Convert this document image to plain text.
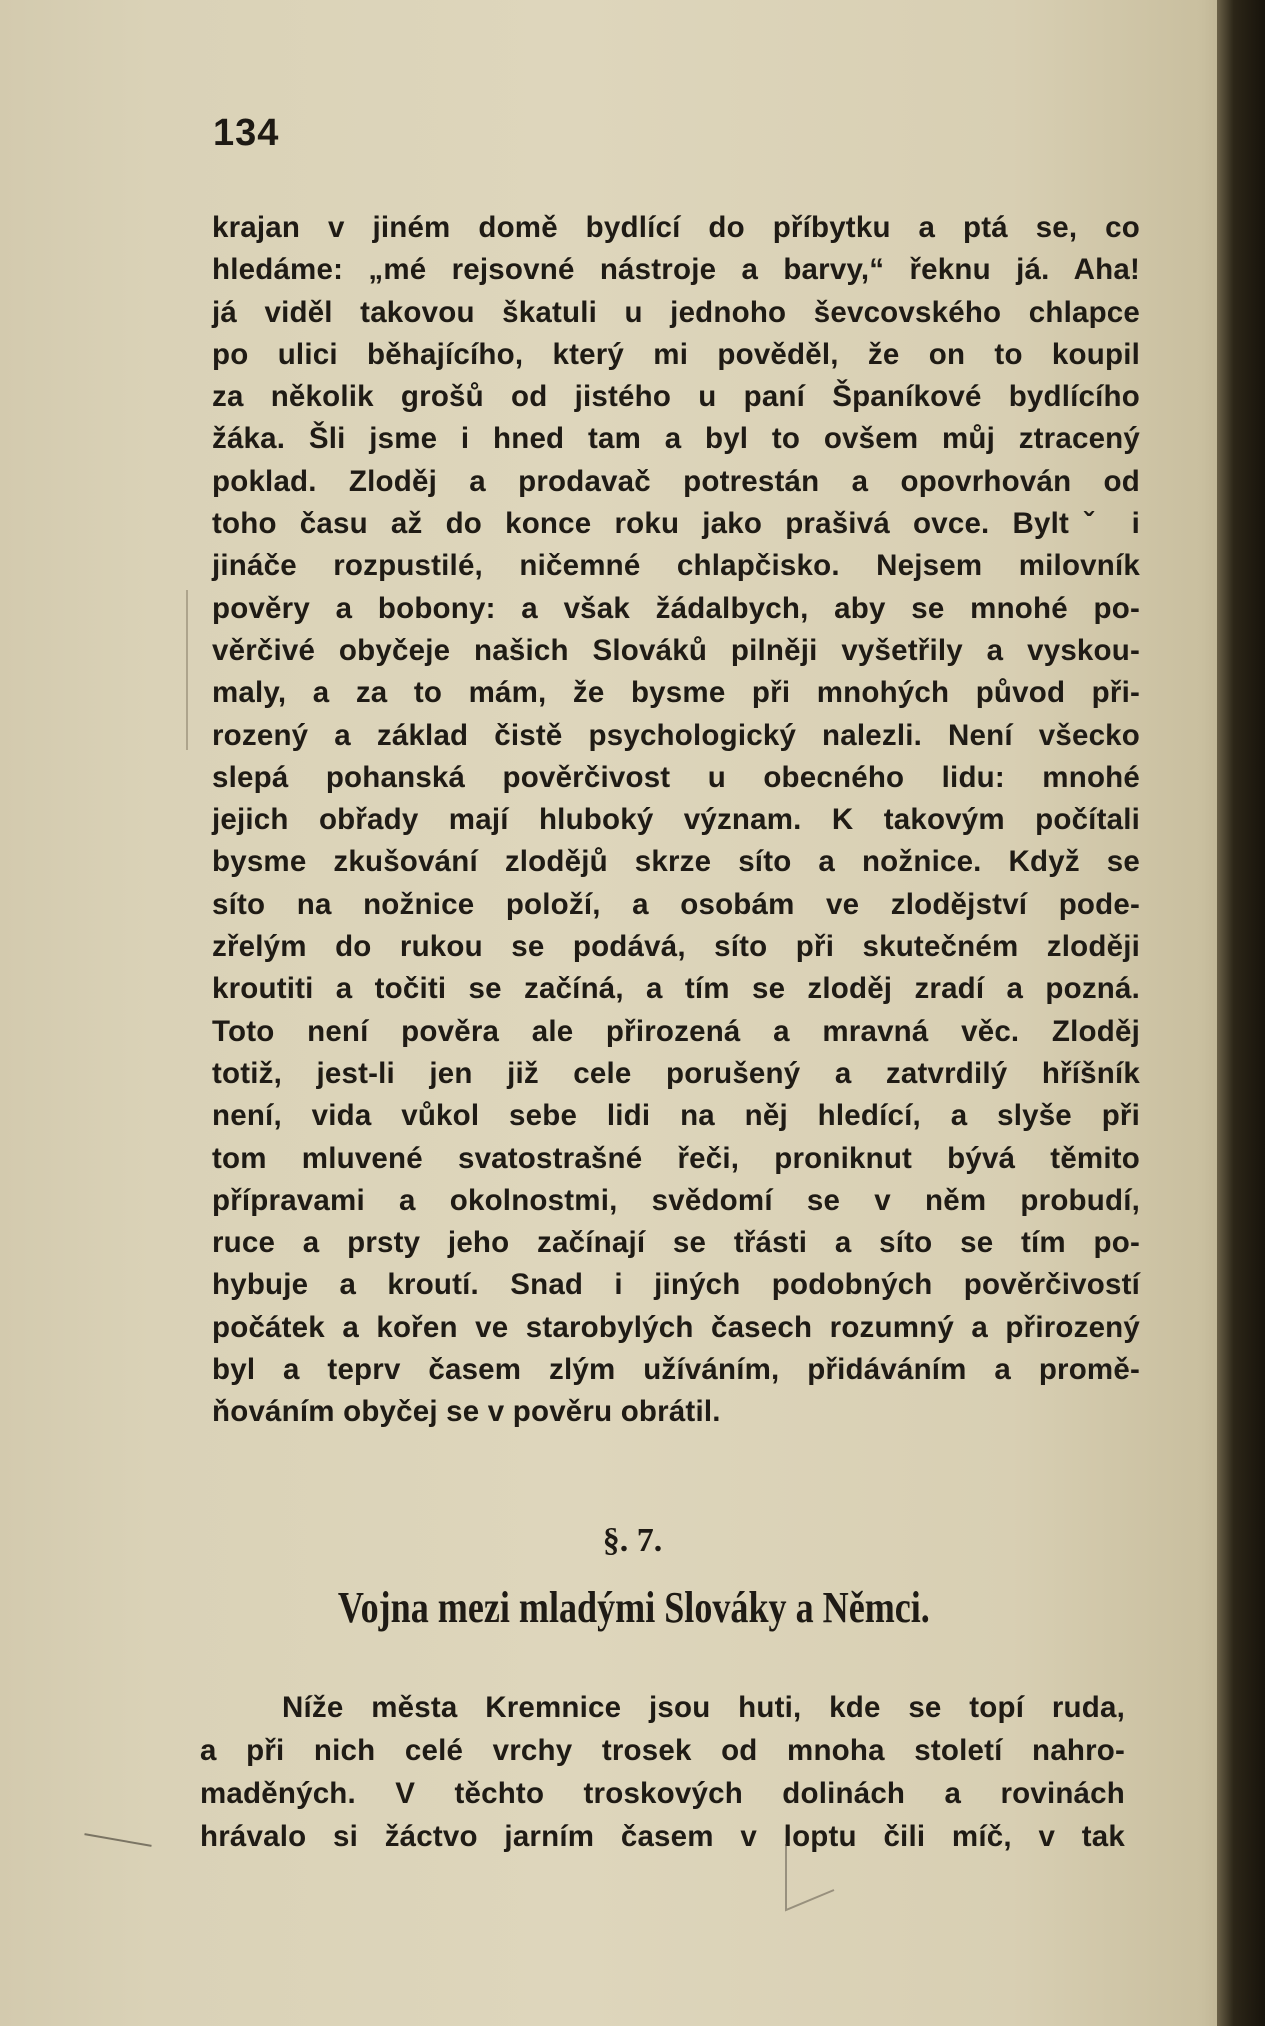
134
krajan v jiném domě bydlící do příbytku a ptá se, co
hledáme: „mé rejsovné nástroje a barvy,“ řeknu já. Aha!
já viděl takovou škatuli u jednoho ševcovského chlapce
po ulici běhajícího, který mi pověděl, že on to koupil
za několik grošů od jistého u paní Španíkové bydlícího
žáka. Šli jsme i hned tam a byl to ovšem můj ztracený
poklad. Zloděj a prodavač potrestán a opovrhován od
toho času až do konce roku jako prašivá ovce. Byltˇ i
jináče rozpustilé, ničemné chlapčisko. Nejsem milovník
pověry a bobony: a však žádalbych, aby se mnohé po-
věrčivé obyčeje našich Slováků pilněji vyšetřily a vyskou-
maly, a za to mám, že bysme při mnohých původ při-
rozený a základ čistě psychologický nalezli. Není všecko
slepá pohanská pověrčivost u obecného lidu: mnohé
jejich obřady mají hluboký význam. K takovým počítali
bysme zkušování zlodějů skrze síto a nožnice. Když se
síto na nožnice položí, a osobám ve zlodějství pode-
zřelým do rukou se podává, síto při skutečném zloději
kroutiti a točiti se začíná, a tím se zloděj zradí a pozná.
Toto není pověra ale přirozená a mravná věc. Zloděj
totiž, jest-li jen již cele porušený a zatvrdilý hříšník
není, vida vůkol sebe lidi na něj hledící, a slyše při
tom mluvené svatostrašné řeči, proniknut bývá těmito
přípravami a okolnostmi, svědomí se v něm probudí,
ruce a prsty jeho začínají se třásti a síto se tím po-
hybuje a kroutí. Snad i jiných podobných pověrčivostí
počátek a kořen ve starobylých časech rozumný a přirozený
byl a teprv časem zlým užíváním, přidáváním a promě-
ňováním obyčej se v pověru obrátil.
§. 7.
Vojna mezi mladými Slováky a Němci.
Níže města Kremnice jsou huti, kde se topí ruda,
a při nich celé vrchy trosek od mnoha století nahro-
maděných. V těchto troskových dolinách a rovinách
hrávalo si žáctvo jarním časem v loptu čili míč, v tak
